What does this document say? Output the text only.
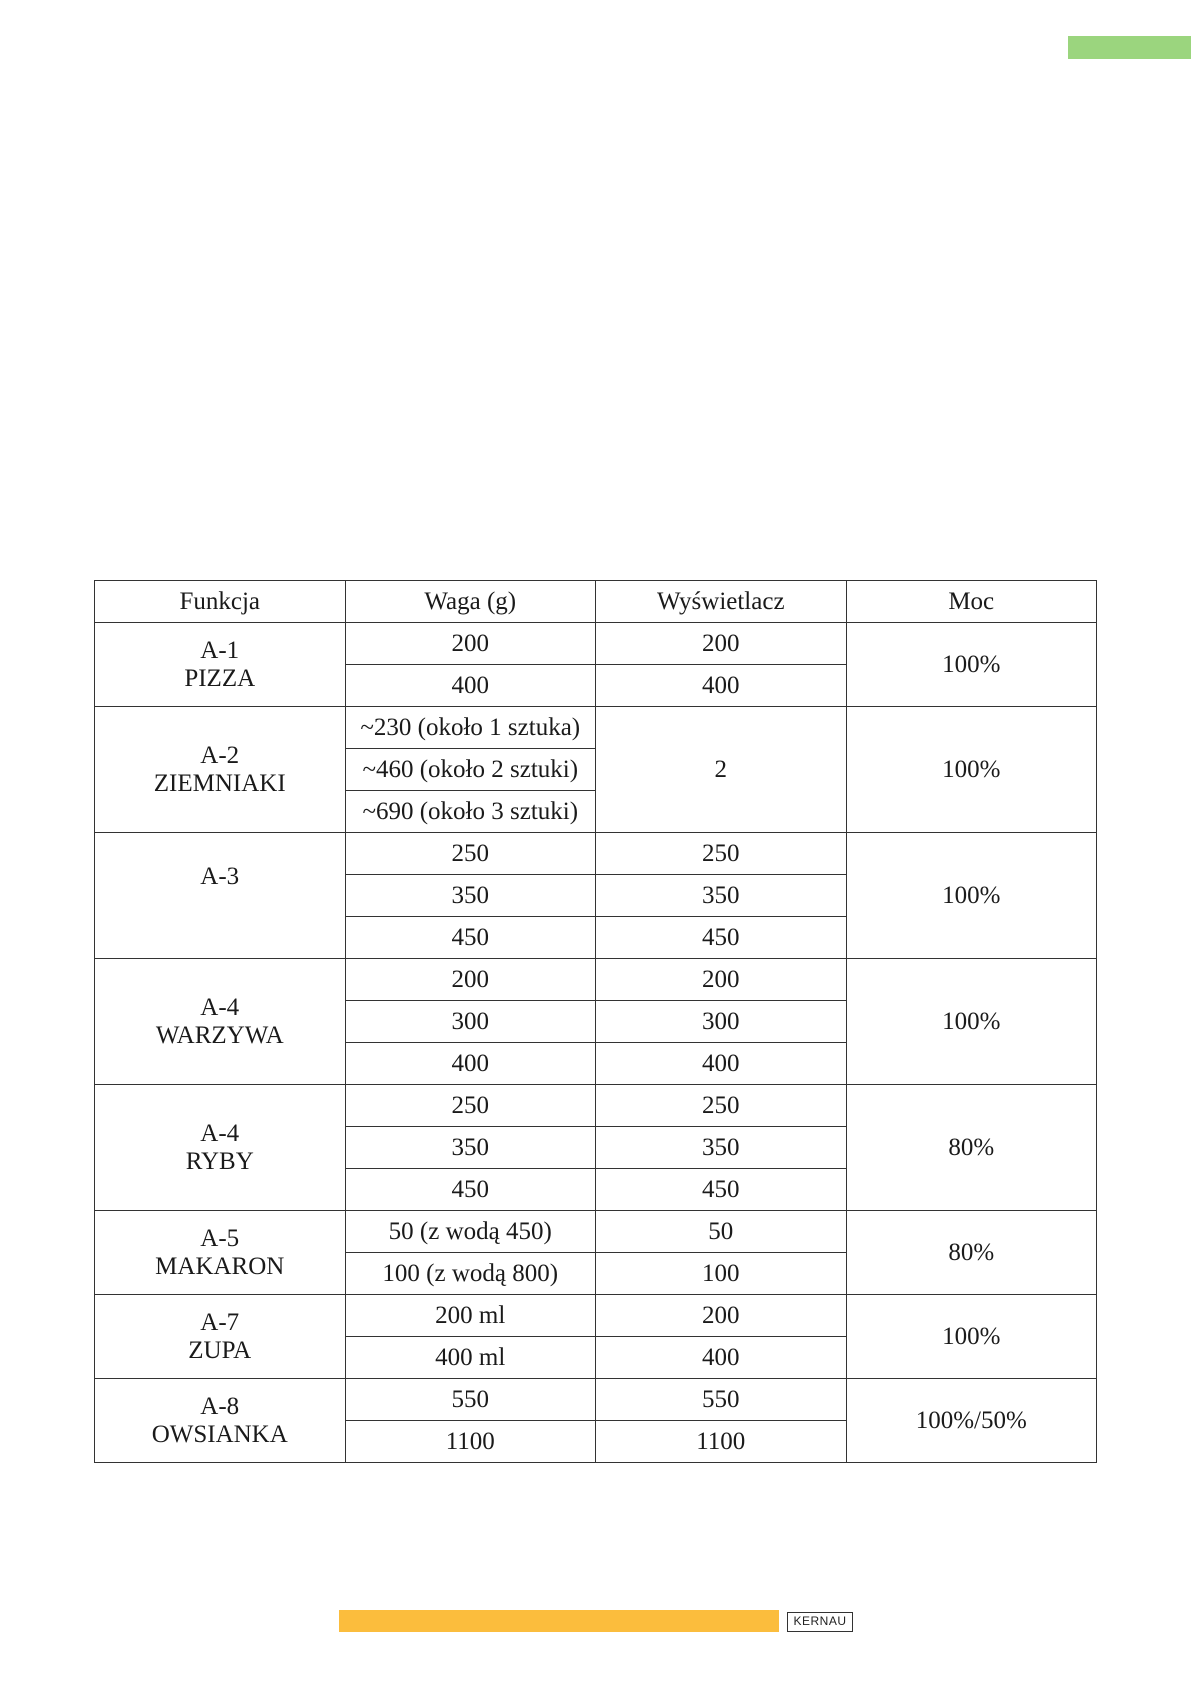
Funkcja	Waga (g)	Wyświetlacz	Moc

A-1
PIZZA	200	200	100%
	400	400	

A-2
ZIEMNIAKI	~230 (około 1 sztuka)	2	100%
	~460 (około 2 sztuki)		
	~690 (około 3 sztuki)		

A-3	250	250	100%
	350	350	
	450	450	

A-4
WARZYWA	200	200	100%
	300	300	
	400	400	

A-4
RYBY	250	250	80%
	350	350	
	450	450	

A-5
MAKARON	50 (z wodą 450)	50	80%
	100 (z wodą 800)	100	

A-7
ZUPA	200 ml	200	100%
	400 ml	400	

A-8
OWSIANKA	550	550	100%/50%
	1100	1100	
KERNAU
